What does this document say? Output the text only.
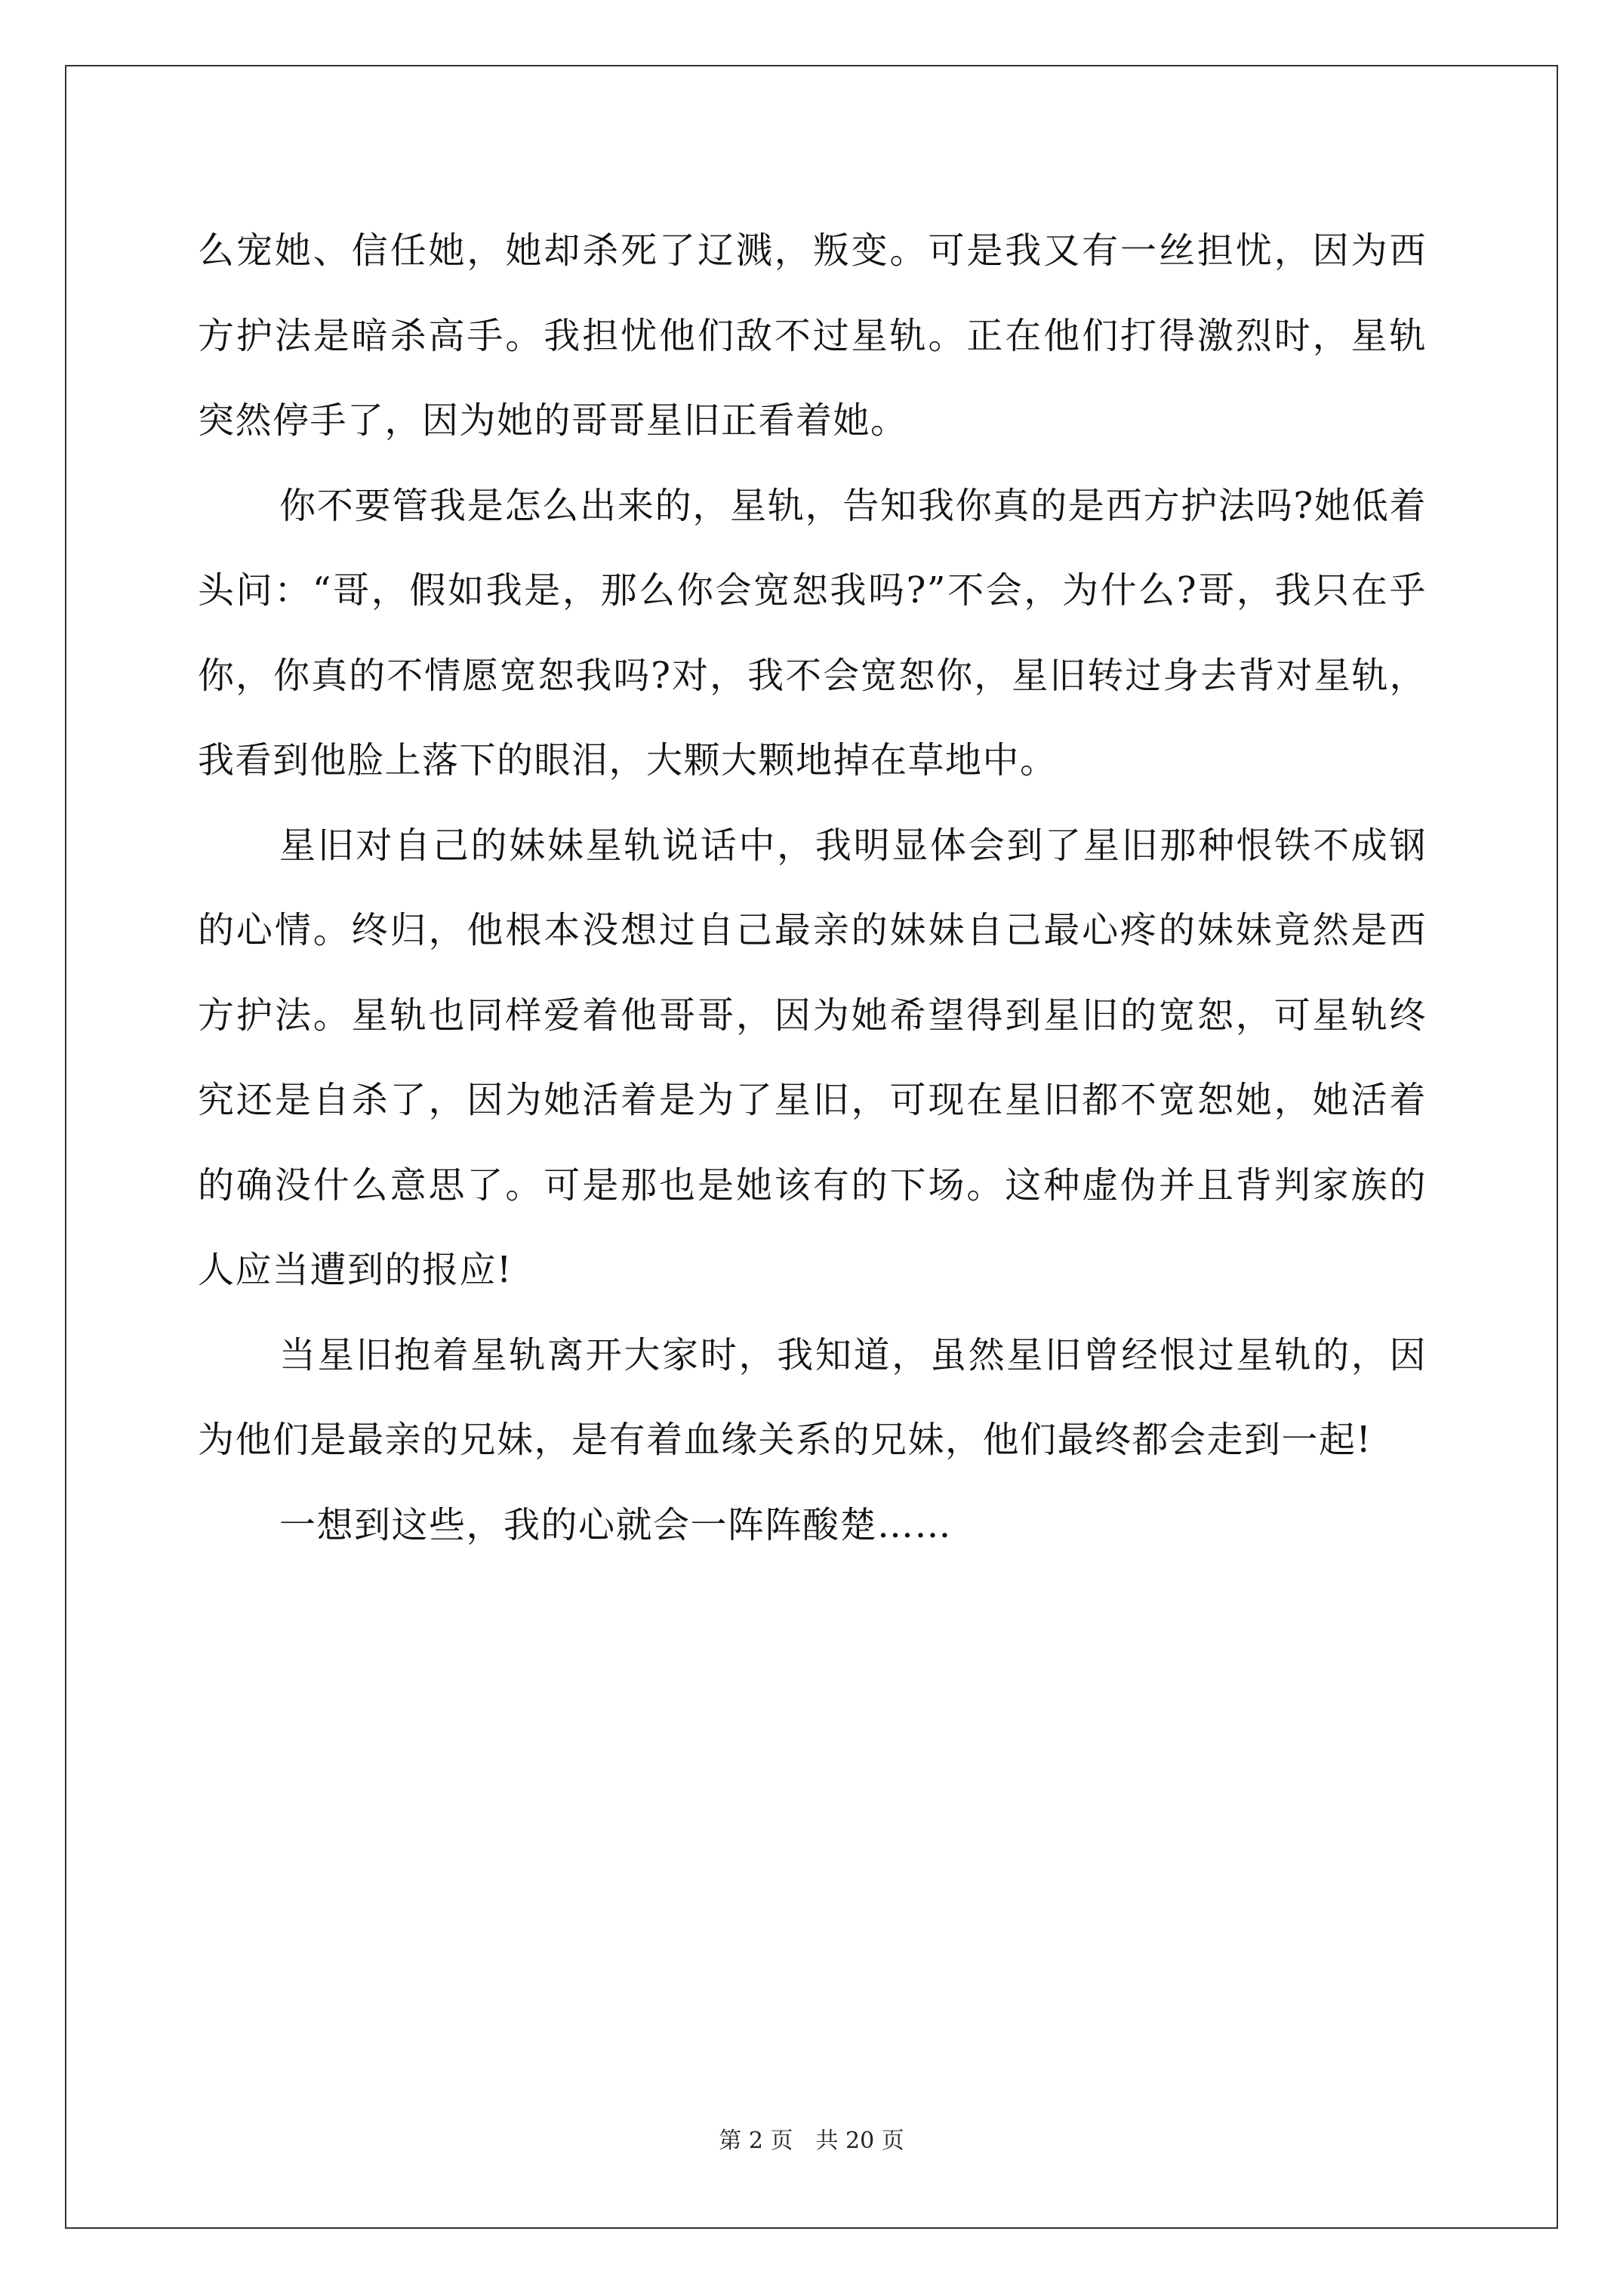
么宠她、信任她，她却杀死了辽溅，叛变。可是我又有一丝担忧，因为西方护法是暗杀高手。我担忧他们敌不过星轨。正在他们打得激烈时，星轨突然停手了，因为她的哥哥星旧正看着她。

你不要管我是怎么出来的，星轨，告知我你真的是西方护法吗?她低着头问：“哥，假如我是，那么你会宽恕我吗?”不会，为什么?哥，我只在乎你，你真的不情愿宽恕我吗?对，我不会宽恕你，星旧转过身去背对星轨，我看到他脸上落下的眼泪，大颗大颗地掉在草地中。

星旧对自己的妹妹星轨说话中，我明显体会到了星旧那种恨铁不成钢的心情。终归，他根本没想过自己最亲的妹妹自己最心疼的妹妹竟然是西方护法。星轨也同样爱着他哥哥，因为她希望得到星旧的宽恕，可星轨终究还是自杀了，因为她活着是为了星旧，可现在星旧都不宽恕她，她活着的确没什么意思了。可是那也是她该有的下场。这种虚伪并且背判家族的人应当遭到的报应!

当星旧抱着星轨离开大家时，我知道，虽然星旧曾经恨过星轨的，因为他们是最亲的兄妹，是有着血缘关系的兄妹，他们最终都会走到一起!

一想到这些，我的心就会一阵阵酸楚……

第 2 页　共 20 页
